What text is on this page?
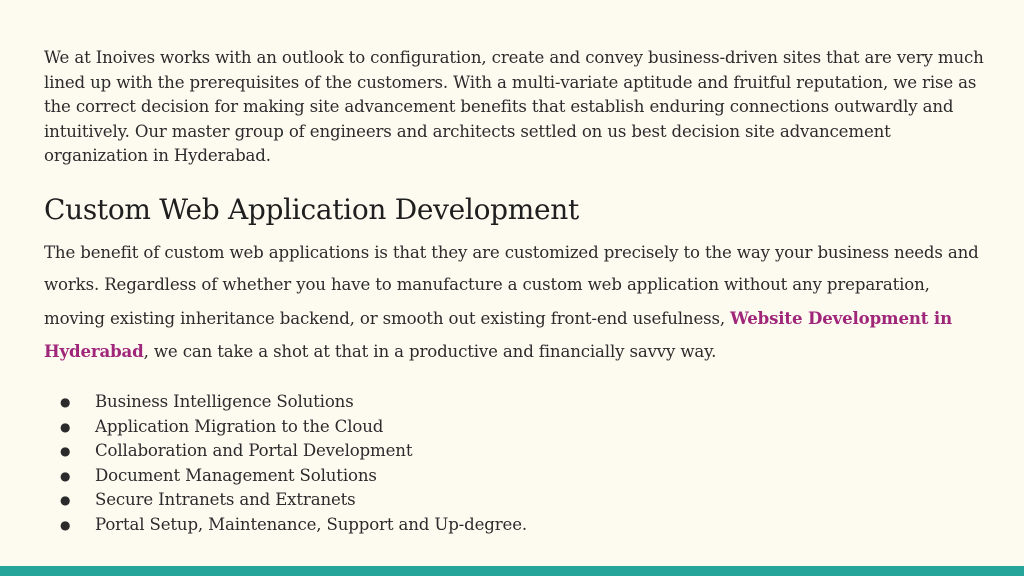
We at Inoives works with an outlook to configuration, create and convey business-driven sites that are very much lined up with the prerequisites of the customers. With a multi-variate aptitude and fruitful reputation, we rise as the correct decision for making site advancement benefits that establish enduring connections outwardly and intuitively. Our master group of engineers and architects settled on us best decision site advancement organization in Hyderabad.

Custom Web Application Development

The benefit of custom web applications is that they are customized precisely to the way your business needs and works. Regardless of whether you have to manufacture a custom web application without any preparation, moving existing inheritance backend, or smooth out existing front-end usefulness, Website Development in Hyderabad, we can take a shot at that in a productive and financially savvy way.

●	Business Intelligence Solutions
●	Application Migration to the Cloud
●	Collaboration and Portal Development
●	Document Management Solutions
●	Secure Intranets and Extranets
●	Portal Setup, Maintenance, Support and Up-degree.
